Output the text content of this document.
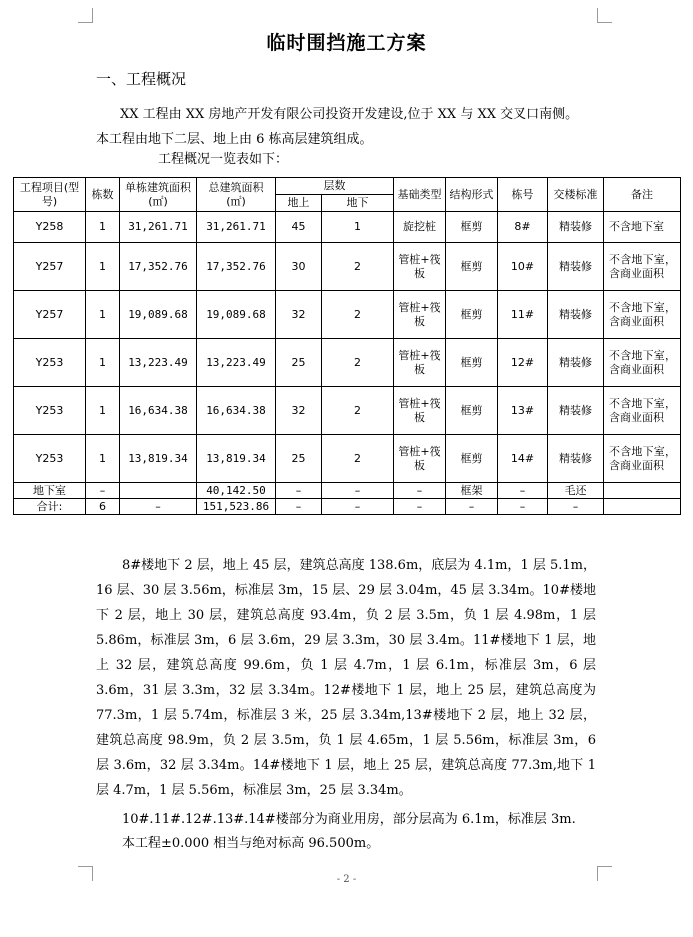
临时围挡施工方案
一、工程概况
XX 工程由 XX 房地产开发有限公司投资开发建设,位于 XX 与 XX 交叉口南侧。
本工程由地下二层、地上由 6 栋高层建筑组成。
工程概况一览表如下：
工程项目(型号)	栋数	单栋建筑面积(㎡)	总建筑面积(㎡)	层数		基础类型	结构形式	栋号	交楼标准	备注
				地上	地下					
Y258	1	31,261.71	31,261.71	45	1	旋挖桩	框剪	8#	精装修	不含地下室
Y257	1	17,352.76	17,352.76	30	2	管桩+筏板	框剪	10#	精装修	不含地下室，含商业面积
Y257	1	19,089.68	19,089.68	32	2	管桩+筏板	框剪	11#	精装修	不含地下室，含商业面积
Y253	1	13,223.49	13,223.49	25	2	管桩+筏板	框剪	12#	精装修	不含地下室，含商业面积
Y253	1	16,634.38	16,634.38	32	2	管桩+筏板	框剪	13#	精装修	不含地下室，含商业面积
Y253	1	13,819.34	13,819.34	25	2	管桩+筏板	框剪	14#	精装修	不含地下室，含商业面积
地下室	–		40,142.50	–	–	–	框架	–	毛还	
合计:	6	–	151,523.86	–	–	–	–	–	–	
8#楼地下 2 层，地上 45 层，建筑总高度 138.6m，底层为 4.1m，1 层 5.1m，16 层、30 层 3.56m，标准层 3m，15 层、29 层 3.04m，45 层 3.34m。10#楼地下 2 层，地上 30 层，建筑总高度 93.4m，负 2 层 3.5m，负 1 层 4.98m，1 层 5.86m，标准层 3m，6 层 3.6m，29 层 3.3m，30 层 3.4m。11#楼地下 1 层，地上 32 层，建筑总高度 99.6m，负 1 层 4.7m，1 层 6.1m，标准层 3m，6 层 3.6m，31 层 3.3m，32 层 3.34m。12#楼地下 1 层，地上 25 层，建筑总高度为 77.3m，1 层 5.74m，标准层 3 米，25 层 3.34m,13#楼地下 2 层，地上 32 层，建筑总高度 98.9m，负 2 层 3.5m，负 1 层 4.65m，1 层 5.56m，标准层 3m，6 层 3.6m，32 层 3.34m。14#楼地下 1 层，地上 25 层，建筑总高度 77.3m,地下 1 层 4.7m，1 层 5.56m，标准层 3m，25 层 3.34m。
10#.11#.12#.13#.14#楼部分为商业用房，部分层高为 6.1m，标准层 3m.
本工程±0.000 相当与绝对标高 96.500m。
- 2 -
